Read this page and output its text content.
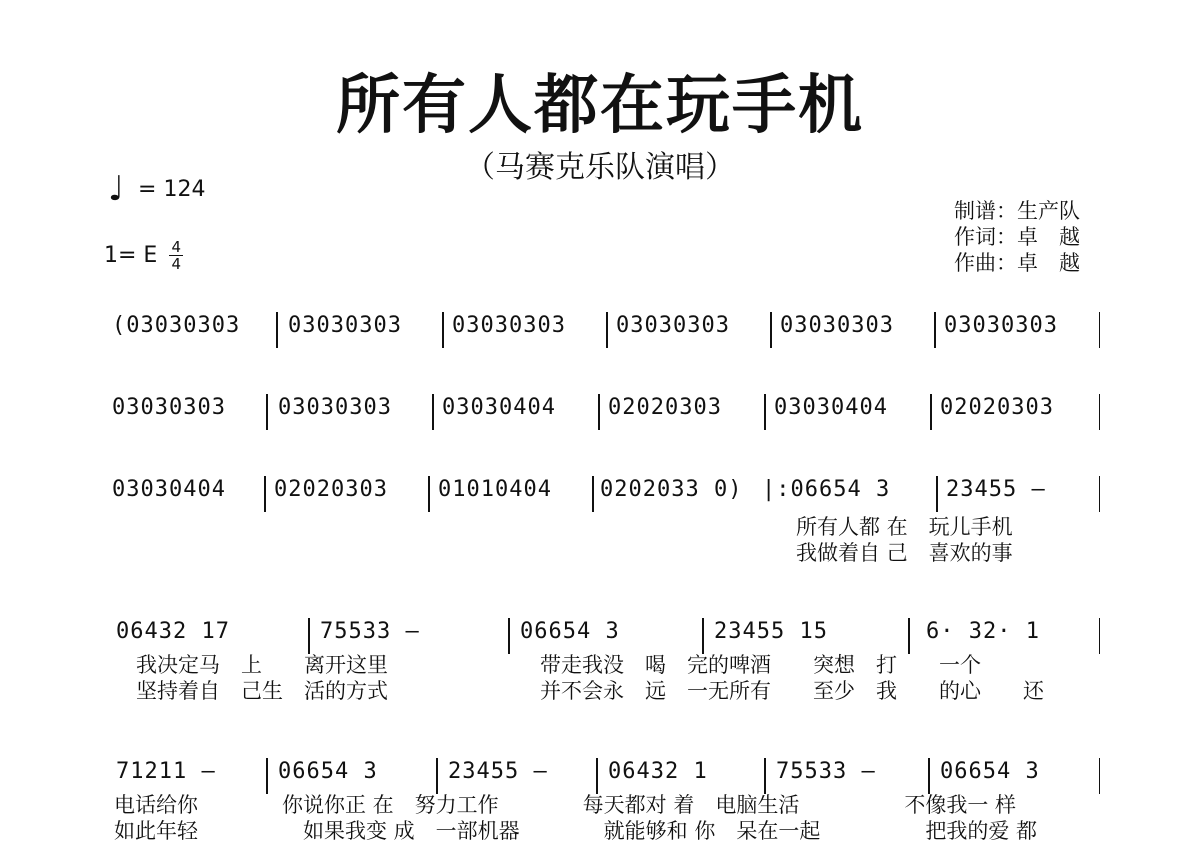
所有人都在玩手机
（马赛克乐队演唱）
♩ = 124
1= E $\frac{4}{4}$
制谱：生产队
作词：卓　越
作曲：卓　越
(03030303 03030303 03030303 03030303 03030303 03030303
03030303 03030303 03030404 02020303 03030404 02020303
03030404 02020303 01010404 0202033 0) |:06654 3	23455 —
所有人都 在　玩儿手机
我做着自 己　喜欢的事
06432 17	75533 —	06654 3	23455 15	6· 32· 1
我决定马　上　　离开这里
坚持着自　己生　活的方式
带走我没　喝　完的啤酒　　突想　打　　一个
并不会永　远　一无所有　　至少　我　　的心　　还
71211 —	06654 3	23455 —	06432 1	75533 —	06654 3
电话给你　　　　你说你正 在　努力工作　　　　每天都对 着　电脑生活　　　　　不像我一 样
如此年轻　　　　　如果我变 成　一部机器　　　　就能够和 你　呆在一起　　　　　把我的爱 都
